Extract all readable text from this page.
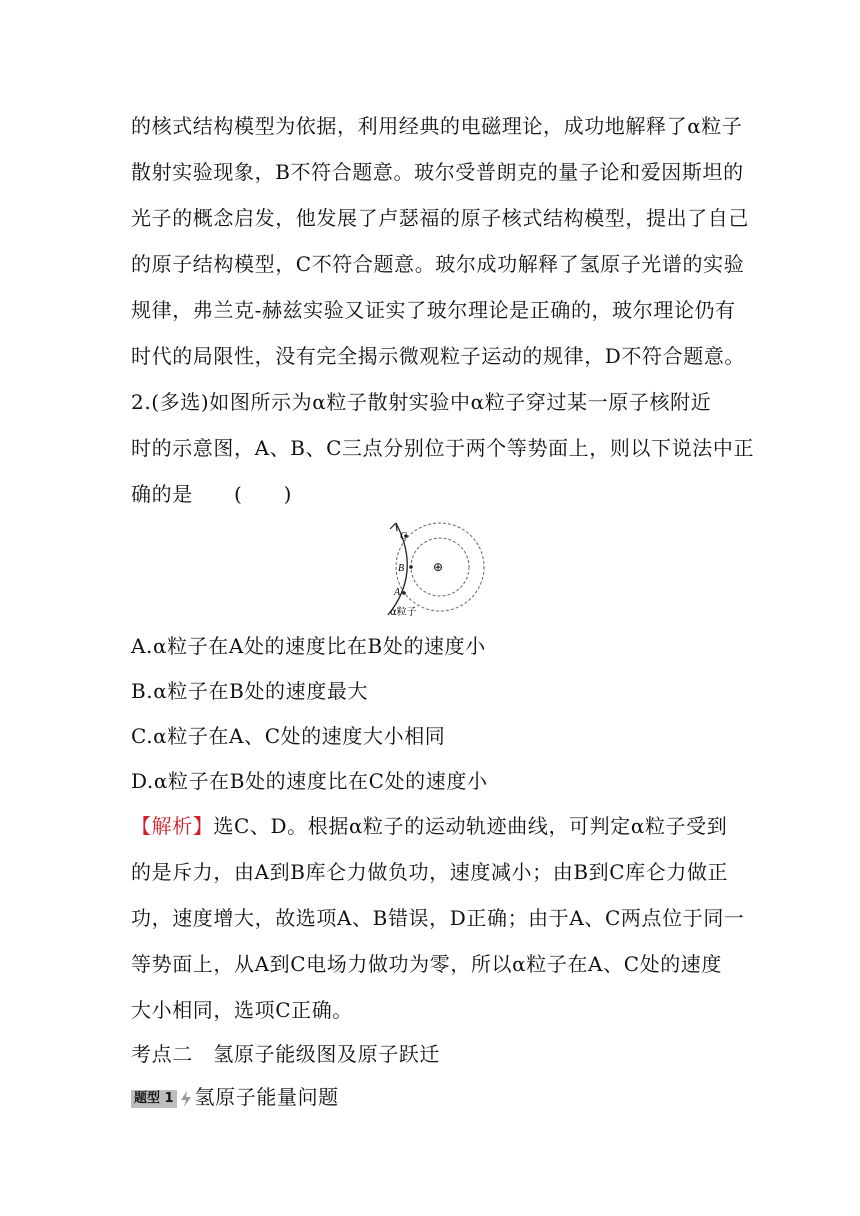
的核式结构模型为依据，利用经典的电磁理论，成功地解释了α粒子
散射实验现象，B不符合题意。玻尔受普朗克的量子论和爱因斯坦的
光子的概念启发，他发展了卢瑟福的原子核式结构模型，提出了自己
的原子结构模型，C不符合题意。玻尔成功解释了氢原子光谱的实验
规律，弗兰克-赫兹实验又证实了玻尔理论是正确的，玻尔理论仍有
时代的局限性，没有完全揭示微观粒子运动的规律，D不符合题意。
2.(多选)如图所示为α粒子散射实验中α粒子穿过某一原子核附近
时的示意图，A、B、C三点分别位于两个等势面上，则以下说法中正
确的是　　(　　)
C
B
A
⊕
α粒子
A.α粒子在A处的速度比在B处的速度小
B.α粒子在B处的速度最大
C.α粒子在A、C处的速度大小相同
D.α粒子在B处的速度比在C处的速度小
【解析】选C、D。根据α粒子的运动轨迹曲线，可判定α粒子受到
的是斥力，由A到B库仑力做负功，速度减小；由B到C库仑力做正
功，速度增大，故选项A、B错误，D正确；由于A、C两点位于同一
等势面上，从A到C电场力做功为零，所以α粒子在A、C处的速度
大小相同，选项C正确。
考点二　氢原子能级图及原子跃迁
题型 1 氢原子能量问题
